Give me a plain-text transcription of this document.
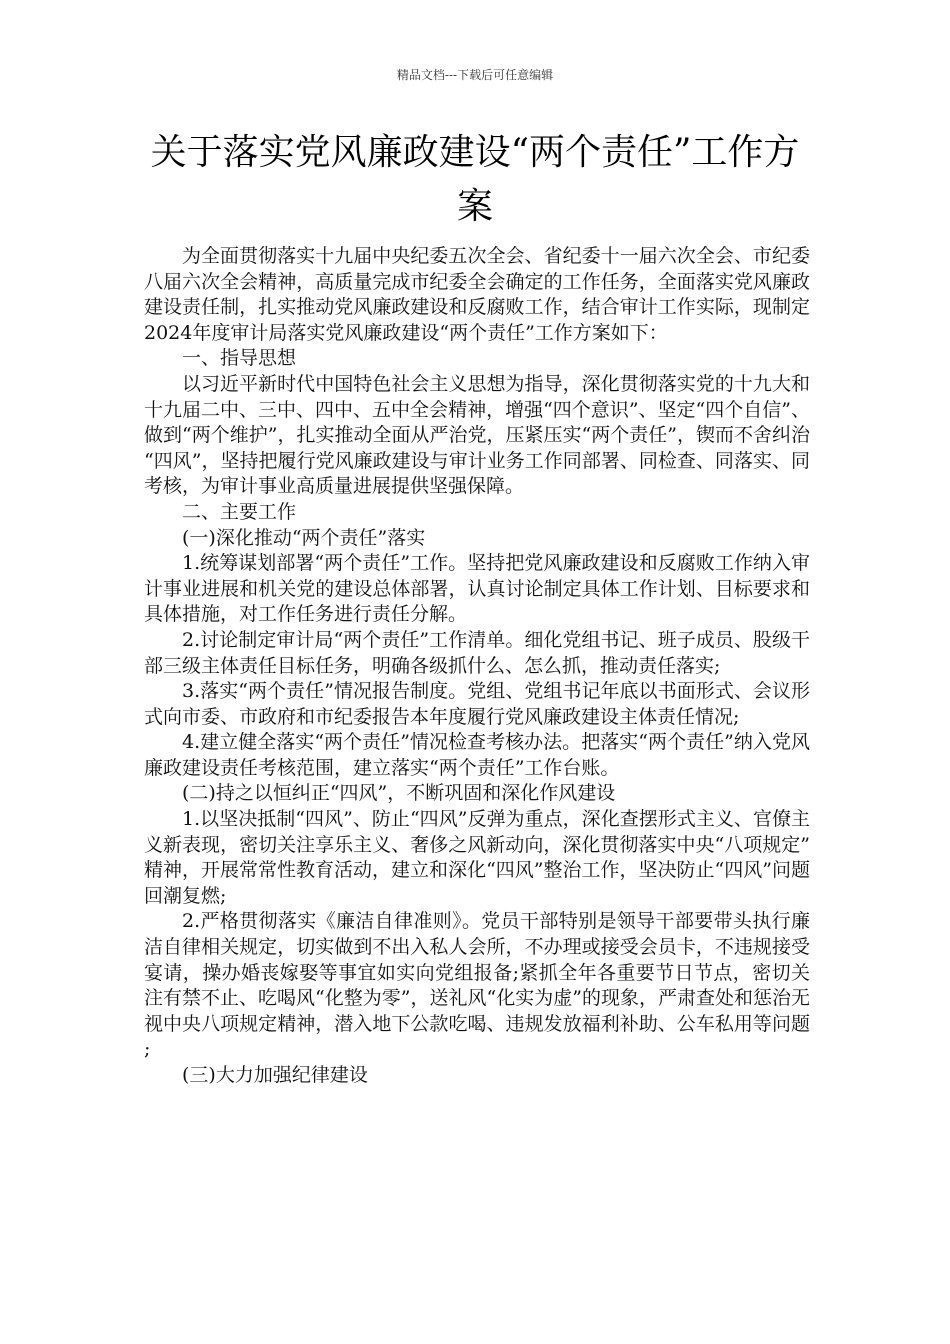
精品文档---下载后可任意编辑
关于落实党风廉政建设“两个责任”工作方案

为全面贯彻落实十九届中央纪委五次全会、省纪委十一届六次全会、市纪委八届六次全会精神，高质量完成市纪委全会确定的工作任务，全面落实党风廉政建设责任制，扎实推动党风廉政建设和反腐败工作，结合审计工作实际，现制定2024年度审计局落实党风廉政建设“两个责任”工作方案如下：

一、指导思想

以习近平新时代中国特色社会主义思想为指导，深化贯彻落实党的十九大和十九届二中、三中、四中、五中全会精神，增强“四个意识”、坚定“四个自信”、做到“两个维护”，扎实推动全面从严治党，压紧压实“两个责任”，锲而不舍纠治“四风”，坚持把履行党风廉政建设与审计业务工作同部署、同检查、同落实、同考核，为审计事业高质量进展提供坚强保障。

二、主要工作

(一)深化推动“两个责任”落实

1.统筹谋划部署“两个责任”工作。坚持把党风廉政建设和反腐败工作纳入审计事业进展和机关党的建设总体部署，认真讨论制定具体工作计划、目标要求和具体措施，对工作任务进行责任分解。

2.讨论制定审计局“两个责任”工作清单。细化党组书记、班子成员、股级干部三级主体责任目标任务，明确各级抓什么、怎么抓，推动责任落实;

3.落实“两个责任”情况报告制度。党组、党组书记年底以书面形式、会议形式向市委、市政府和市纪委报告本年度履行党风廉政建设主体责任情况;

4.建立健全落实“两个责任”情况检查考核办法。把落实“两个责任”纳入党风廉政建设责任考核范围，建立落实“两个责任”工作台账。

(二)持之以恒纠正“四风”，不断巩固和深化作风建设

1.以坚决抵制“四风”、防止“四风”反弹为重点，深化查摆形式主义、官僚主义新表现，密切关注享乐主义、奢侈之风新动向，深化贯彻落实中央“八项规定”精神，开展常常性教育活动，建立和深化“四风”整治工作，坚决防止“四风”问题回潮复燃;

2.严格贯彻落实《廉洁自律准则》。党员干部特别是领导干部要带头执行廉洁自律相关规定，切实做到不出入私人会所，不办理或接受会员卡，不违规接受宴请，操办婚丧嫁娶等事宜如实向党组报备;紧抓全年各重要节日节点，密切关注有禁不止、吃喝风“化整为零”，送礼风“化实为虚”的现象，严肃查处和惩治无视中央八项规定精神，潜入地下公款吃喝、违规发放福利补助、公车私用等问题;

(三)大力加强纪律建设
